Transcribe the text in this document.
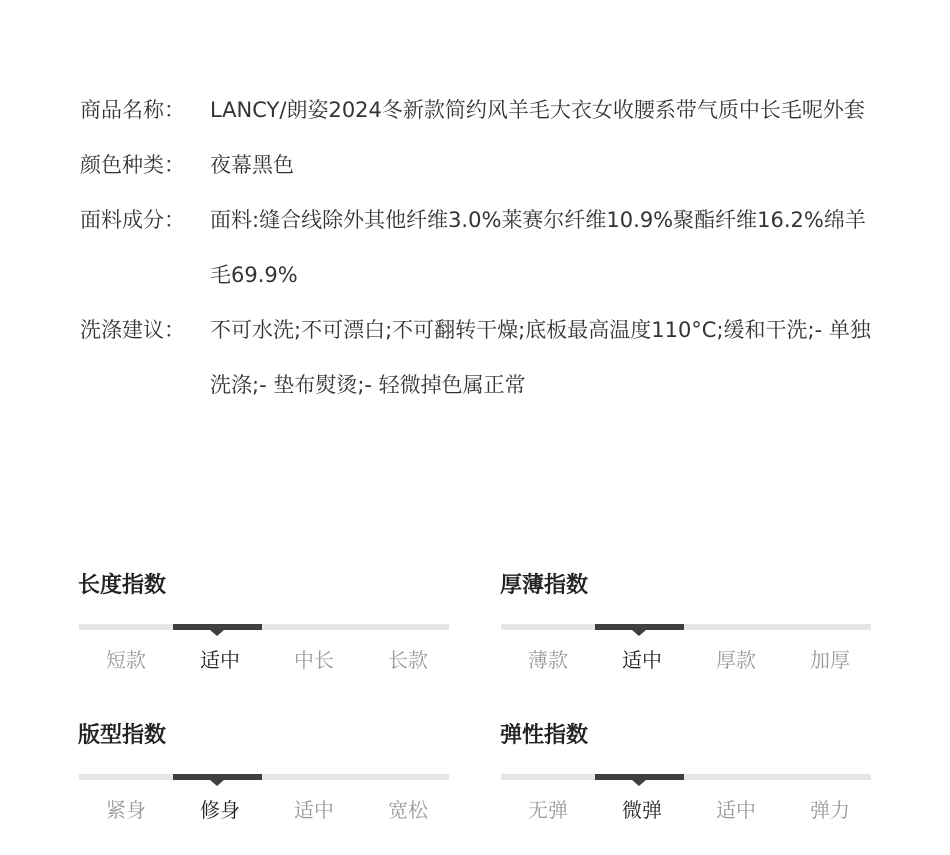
商品名称：	LANCY/朗姿2024冬新款简约风羊毛大衣女收腰系带气质中长毛呢外套
颜色种类：	夜幕黑色
面料成分：	面料:缝合线除外其他纤维3.0%莱赛尔纤维10.9%聚酯纤维16.2%绵羊毛69.9%
洗涤建议：	不可水洗;不可漂白;不可翻转干燥;底板最高温度110°C;缓和干洗;- 单独洗涤;- 垫布熨烫;- 轻微掉色属正常
长度指数
短款	适中	中长	长款
厚薄指数
薄款	适中	厚款	加厚
版型指数
紧身	修身	适中	宽松
弹性指数
无弹	微弹	适中	弹力
